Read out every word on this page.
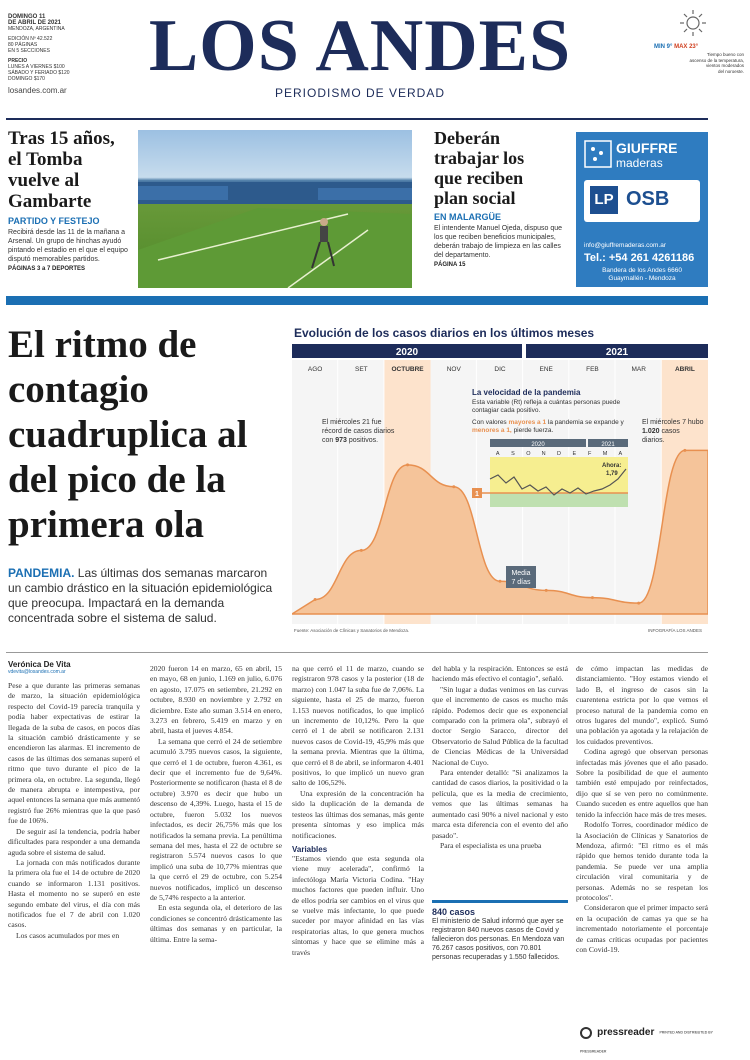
DOMINGO 11
DE ABRIL DE 2021
MENDOZA, ARGENTINA
EDICIÓN Nº 42.522
80 PÁGINAS
EN 5 SECCIONES
PRECIO
LUNES A VIERNES $100
SÁBADO Y FERIADO $120
DOMINGO $170
losandes.com.ar
LOS ANDES
PERIODISMO DE VERDAD
MIN 9° MAX 23°
Tiempo bueno con
ascenso de la temperatura,
vientos moderados
del noroeste.
Tras 15 años,
el Tomba
vuelve al
Gambarte
PARTIDO Y FESTEJO
Recibirá desde las 11 de la mañana a Arsenal. Un grupo de hinchas ayudó pintando el estadio en el que el equipo disputó memorables partidos.
PÁGINAS 3 a 7 DEPORTES
Deberán
trabajar los
que reciben
plan social
EN MALARGÜE
El intendente Manuel Ojeda, dispuso que los que reciben beneficios municipales, deberán trabajo de limpieza en las calles del departamento.
PÁGINA 15
GIUFFRE
maderas
LP OSB
info@giuffremaderas.com.ar
Tel.: +54 261 4261186
Bandera de los Andes 6660
Guaymallén - Mendoza
El ritmo de contagio cuadruplica al del pico de la primera ola
PANDEMIA. Las últimas dos semanas marcaron un cambio drástico en la situación epidemiológica que preocupa. Impactará en la demanda concentrada sobre el sistema de salud.
Evolución de los casos diarios en los últimos meses
2020	2021
AGO	SET	OCTUBRE	NOV	DIC	ENE	FEB	MAR	ABRIL
Media
7 días
El miércoles 21 fue récord de casos diarios con 973 positivos.
El miércoles 7 hubo 1.020 casos diarios.
La velocidad de la pandemia
Esta variable (Rt) refleja a cuántas personas puede contagiar cada positivo.
Con valores mayores a 1 la pandemia se expande y menores a 1, pierde fuerza.
2020	2021
A S O N D E F M A
1
Ahora:
1,79
Fuente: Asociación de Clínicas y Sanatorios de Mendoza.	INFOGRAFÍA LOS ANDES
Verónica De Vita
vdevita@losandes.com.ar

Pese a que durante las primeras semanas de marzo, la situación epidemiológica respecto del Covid-19 parecía tranquila y podía haber expectativas de estirar la llegada de la suba de casos, en pocos días la situación cambió drásticamente y se encendieron las alarmas. El incremento de casos de las últimas dos semanas superó el ritmo que tuvo durante el pico de la primera ola, en octubre. La segunda, llegó de manera abrupta e intempestiva, por aquel entonces la semana que más aumentó registró fue 26% mientras que la que pasó fue de 106%.

De seguir así la tendencia, podría haber dificultades para responder a una demanda aguda sobre el sistema de salud.

La jornada con más notificados durante la primera ola fue el 14 de octubre de 2020 cuando se informaron 1.131 positivos. Hasta el momento no se superó en este segundo embate del virus, el día con más notificados fue el 7 de abril con 1.020 casos.

Los casos acumulados por mes en

2020 fueron 14 en marzo, 65 en abril, 15 en mayo, 68 en junio, 1.169 en julio, 6.076 en agosto, 17.075 en setiembre, 21.292 en octubre, 8.930 en noviembre y 2.792 en diciembre. Este año suman 3.514 en enero, 3.273 en febrero, 5.419 en marzo y en abril, hasta el jueves 4.854.

La semana que cerró el 24 de setiembre acumuló 3.795 nuevos casos, la siguiente, que cerró el 1 de octubre, fueron 4.361, es decir que el incremento fue de 9,64%. Posteriormente se notificaron (hasta el 8 de octubre) 3.970 es decir que hubo un descenso de 4,39%. Luego, hasta el 15 de octubre, fueron 5.032 los nuevos infectados, es decir 26,75% más que los notificados la semana previa. La penúltima semana del mes, hasta el 22 de octubre se registraron 5.574 nuevos casos lo que implicó una suba de 10,77% mientras que la que cerró el 29 de octubre, con 5.254 nuevos notificados, implicó un descenso de 5,74% respecto a la anterior.

En esta segunda ola, el deterioro de las condiciones se concentró drásticamente las últimas dos semanas y en particular, la última. Entre la sema-

na que cerró el 11 de marzo, cuando se registraron 978 casos y la posterior (18 de marzo) con 1.047 la suba fue de 7,06%. La siguiente, hasta el 25 de marzo, fueron 1.153 nuevos notificados, lo que implicó un incremento de 10,12%. Pero la que cerró el 1 de abril se notificaron 2.131 nuevos casos de Covid-19, 45,9% más que la semana previa. Mientras que la última, que cerró el 8 de abril, se informaron 4.401 positivos, lo que implicó un nuevo gran salto de 106,52%.

Una expresión de la concentración ha sido la duplicación de la demanda de testeos las últimas dos semanas, más gente presenta síntomas y eso implica más notificaciones.

Variables

"Estamos viendo que esta segunda ola viene muy acelerada", confirmó la infectóloga María Victoria Codina. "Hay muchos factores que pueden influir. Uno de ellos podría ser cambios en el virus que se vuelve más infectante, lo que puede suceder por mayor afinidad en las vías respiratorias altas, lo que genera muchos síntomas y hace que se elimine más a través

del habla y la respiración. Entonces se está haciendo más efectivo el contagio", señaló.

"Sin lugar a dudas venimos en las curvas que el incremento de casos es mucho más rápido. Podemos decir que es exponencial comparado con la primera ola", subrayó el doctor Sergio Saracco, director del Observatorio de Salud Pública de la facultad de Ciencias Médicas de la Universidad Nacional de Cuyo.

Para entender detalló: "Si analizamos la cantidad de casos diarios, la positividad o la película, que es la media de crecimiento, vemos que las últimas semanas ha aumentado casi 90% a nivel nacional y esto marca esta diferencia con el evento del año pasado".

Para el especialista es una prueba

840 casos
El ministerio de Salud informó que ayer se registraron 840 nuevos casos de Covid y fallecieron dos personas. En Mendoza van 76.267 casos positivos, con 70.801 personas recuperadas y 1.550 fallecidos.

de cómo impactan las medidas de distanciamiento. "Hoy estamos viendo el lado B, el ingreso de casos sin la cuarentena estricta por lo que vemos el proceso natural de la pandemia como en otros lugares del mundo", explicó. Sumó una población ya agotada y la relajación de los cuidados preventivos.

Codina agregó que observan personas infectadas más jóvenes que el año pasado. Sobre la posibilidad de que el aumento también esté empujado por reinfectados, dijo que sí se ven pero no comúnmente. Cuando suceden es entre aquellos que han tenido la infección hace más de tres meses.

Rodolfo Torres, coordinador médico de la Asociación de Clínicas y Sanatorios de Mendoza, afirmó: "El ritmo es el más rápido que hemos tenido durante toda la pandemia. Se puede ver una amplia circulación viral comunitaria y de personas. Además no se respetan los protocolos".

Consideraron que el primer impacto será en la ocupación de camas ya que se ha incrementado notoriamente el porcentaje de camas críticas ocupadas por pacientes con Covid-19.

pressreader PRINTED AND DISTRIBUTED BY PRESSREADER
